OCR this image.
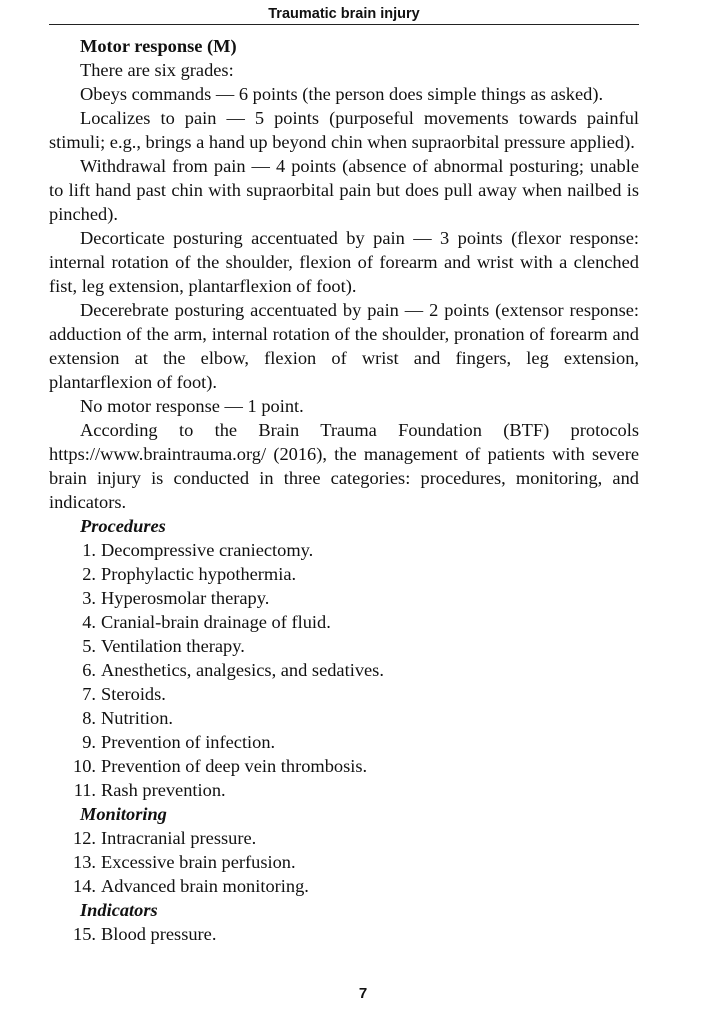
Traumatic brain injury

Motor response (M)

There are six grades:

Obeys commands — 6 points (the person does simple things as asked).

Localizes to pain — 5 points (purposeful movements towards painful stimuli; e.g., brings a hand up beyond chin when supraorbital pressure applied).

Withdrawal from pain — 4 points (absence of abnormal posturing; unable to lift hand past chin with supraorbital pain but does pull away when nailbed is pinched).

Decorticate posturing accentuated by pain — 3 points (flexor response: internal rotation of the shoulder, flexion of forearm and wrist with a clenched fist, leg extension, plantarflexion of foot).

Decerebrate posturing accentuated by pain — 2 points (extensor response: adduction of the arm, internal rotation of the shoulder, pronation of forearm and extension at the elbow, flexion of wrist and fingers, leg extension, plantarflexion of foot).

No motor response — 1 point.

According to the Brain Trauma Foundation (BTF) protocols https://www.braintrauma.org/ (2016), the management of patients with severe brain injury is conducted in three categories: procedures, monitoring, and indicators.

Procedures

1. Decompressive craniectomy.
2. Prophylactic hypothermia.
3. Hyperosmolar therapy.
4. Cranial-brain drainage of fluid.
5. Ventilation therapy.
6. Anesthetics, analgesics, and sedatives.
7. Steroids.
8. Nutrition.
9. Prevention of infection.
10. Prevention of deep vein thrombosis.
11. Rash prevention.

Monitoring

12. Intracranial pressure.
13. Excessive brain perfusion.
14. Advanced brain monitoring.

Indicators

15. Blood pressure.
7
